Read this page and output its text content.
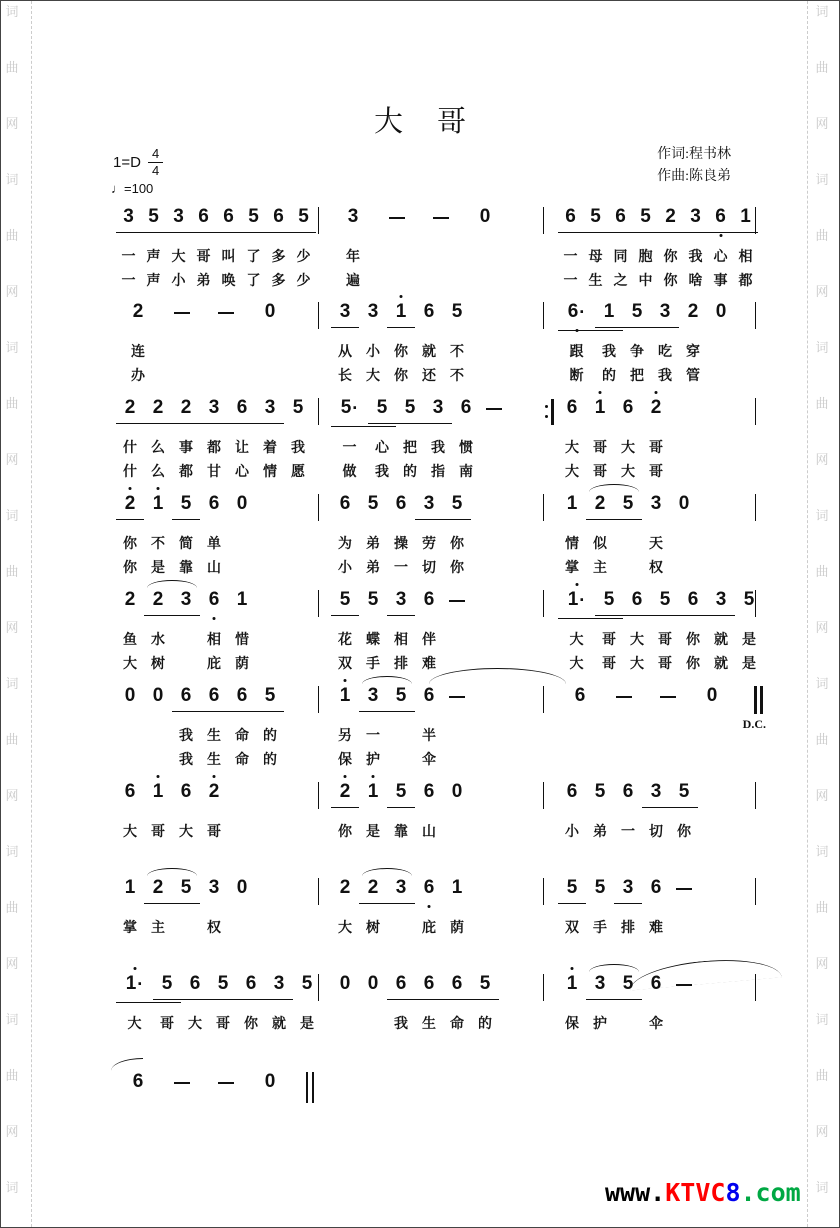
词
曲
网
词
曲
网
词
曲
网
词
曲
网
词
曲
网
词
曲
网
词
曲
网
词
词
曲
网
词
曲
网
词
曲
网
词
曲
网
词
曲
网
词
曲
网
词
曲
网
词
大哥
作词:程书林
作曲:陈良弟
$1=D \frac{4}{4}$
♩=100
3 5 3 6 6 5 6 5
一 声 大 哥 叫 了 多 少
一 声 小 弟 唤 了 多 少
3	0
年
遍
6 5 6 5 2 3 6 1
一 母 同 胞 你 我 心 相
一 生 之 中 你 啥 事 都
2	0
连
办
3 3 1 6 5
从	小	你	就	不
长	大	你	还	不
6 · 1 5 3 2 0
跟	我	争	吃	穿
断	的	把	我	管
2 2 2 3 6 3 5
什	么	事	都	让	着	我
什	么	都	甘	心	情	愿
5 · 5 5 3 6
一	心	把	我	惯
做	我	的	指	南
6 1 6 2
大	哥	大	哥
大	哥	大	哥
2 1 5 6 0
你	不	简	单
你	是	靠	山
6 5 6 3 5
为	弟	操	劳	你
小	弟	一	切	你
1 2 5 3 0
情	似	天
掌	主	权
2 2 3 6 1
鱼	水	相	惜
大	树	庇	荫
5 5 3 6
花	蝶	相	伴
双	手	排	难
1 · 5 6 5 6 3 5
大	哥	大	哥	你	就	是
大	哥	大	哥	你	就	是
0 0 6 6 6 5
我	生	命	的
我	生	命	的
1 3 5 6
另	一	半
保	护	伞
6	0
D.C.
6 1 6 2
大	哥	大	哥
2 1 5 6 0
你	是	靠	山
6 5 6 3 5
小	弟	一	切	你
1 2 5 3 0
掌	主	权
2 2 3 6 1
大	树	庇	荫
5 5 3 6
双	手	排	难
1 · 5 6 5 6 3 5
大	哥	大	哥	你	就	是
0 0 6 6 6 5
我	生	命	的
1 3 5 6
保	护	伞
6	0
www.KTVC8.com
